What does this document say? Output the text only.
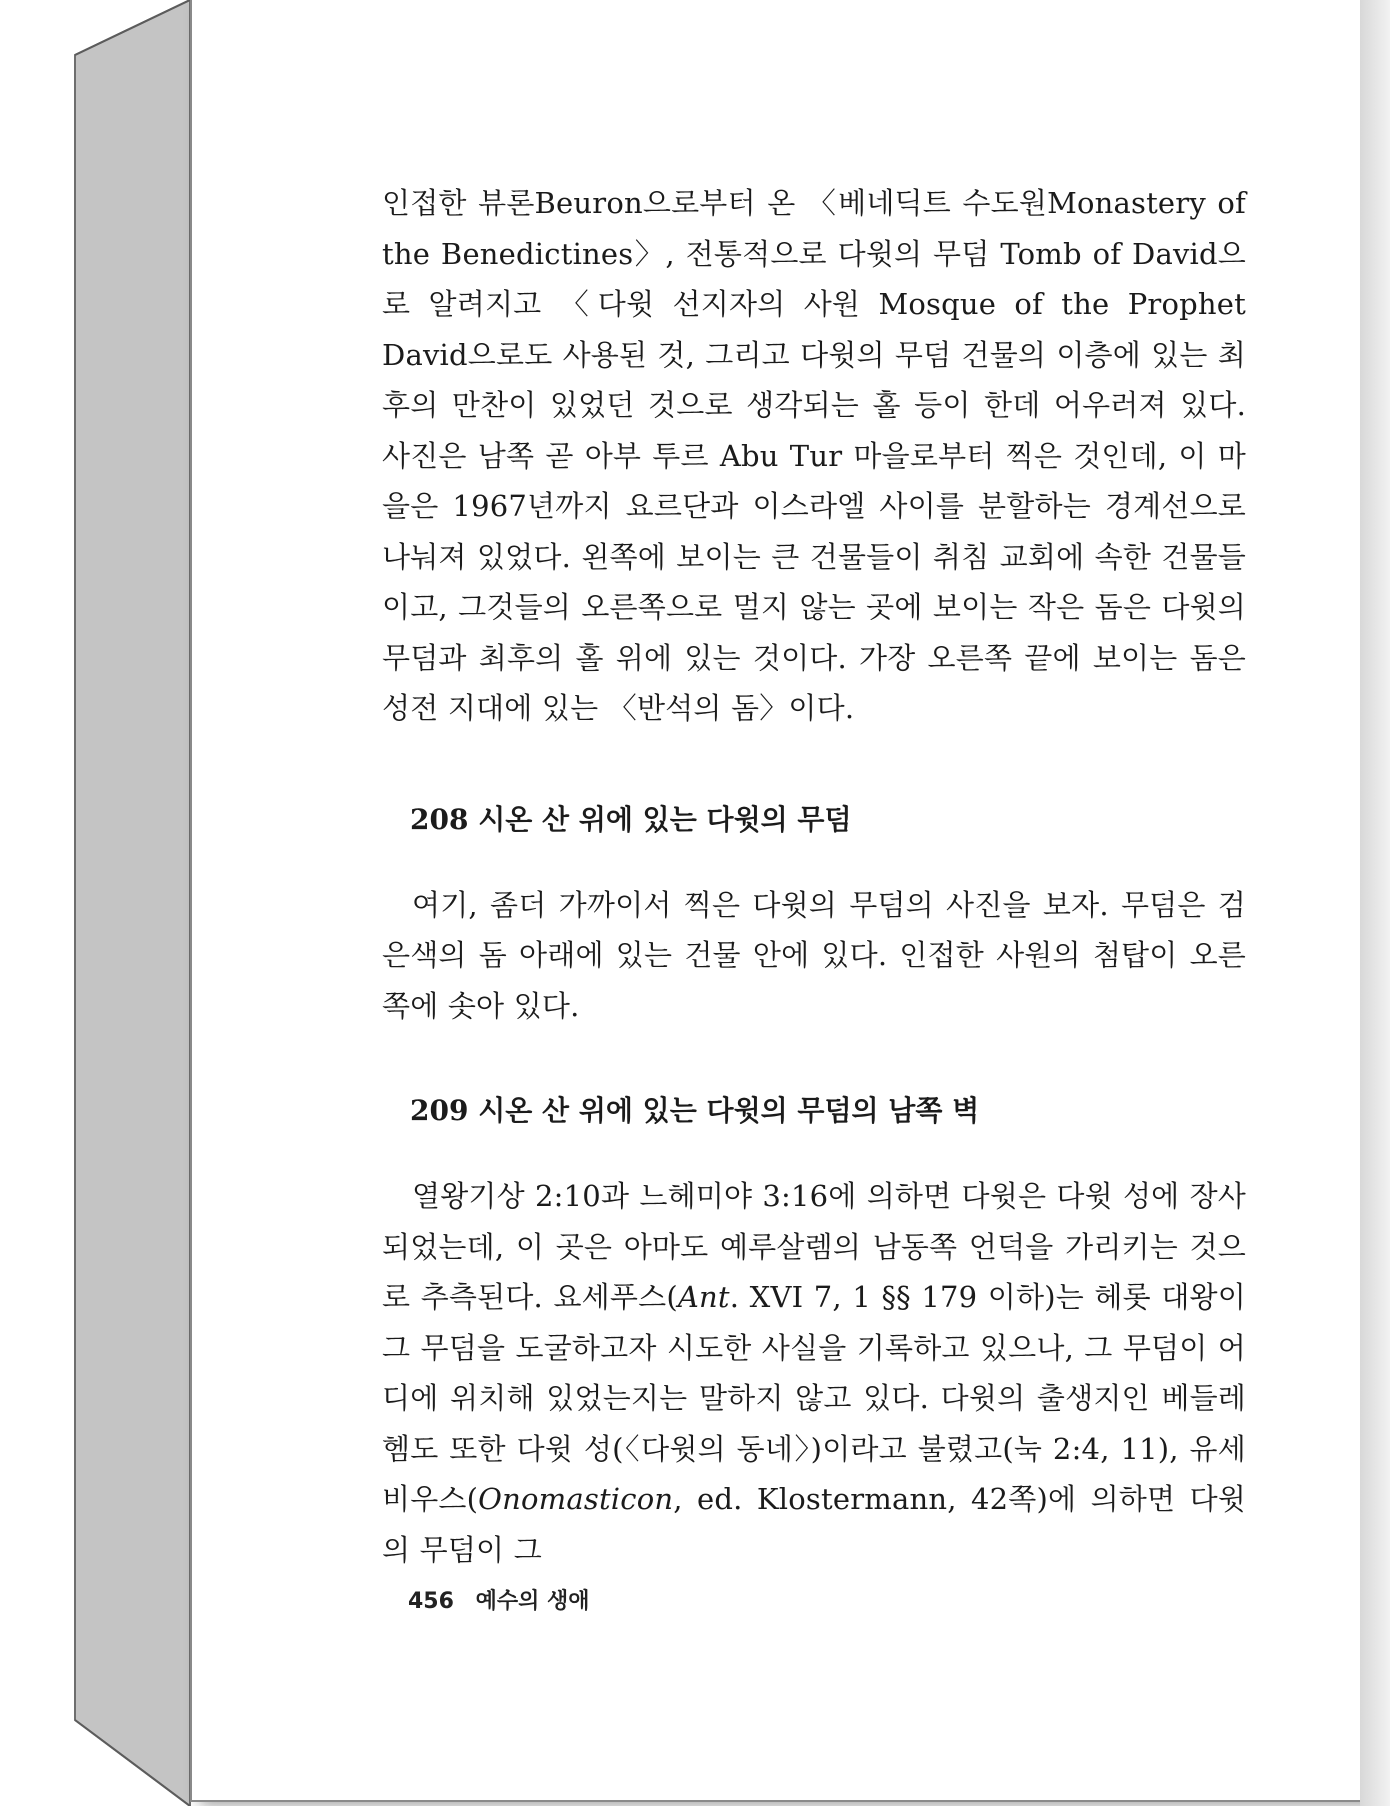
인접한 뷰론Beuron으로부터 온 〈베네딕트 수도원Monastery of the Benedictines〉, 전통적으로 다윗의 무덤 Tomb of David으로 알려지고 〈다윗 선지자의 사원 Mosque of the Prophet David으로도 사용된 것, 그리고 다윗의 무덤 건물의 이층에 있는 최후의 만찬이 있었던 것으로 생각되는 홀 등이 한데 어우러져 있다. 사진은 남쪽 곧 아부 투르 Abu Tur 마을로부터 찍은 것인데, 이 마을은 1967년까지 요르단과 이스라엘 사이를 분할하는 경계선으로 나눠져 있었다. 왼쪽에 보이는 큰 건물들이 취침 교회에 속한 건물들이고, 그것들의 오른쪽으로 멀지 않는 곳에 보이는 작은 돔은 다윗의 무덤과 최후의 홀 위에 있는 것이다. 가장 오른쪽 끝에 보이는 돔은 성전 지대에 있는 〈반석의 돔〉이다.

208 시온 산 위에 있는 다윗의 무덤

여기, 좀더 가까이서 찍은 다윗의 무덤의 사진을 보자. 무덤은 검은색의 돔 아래에 있는 건물 안에 있다. 인접한 사원의 첨탑이 오른쪽에 솟아 있다.

209 시온 산 위에 있는 다윗의 무덤의 남쪽 벽

열왕기상 2:10과 느헤미야 3:16에 의하면 다윗은 다윗 성에 장사되었는데, 이 곳은 아마도 예루살렘의 남동쪽 언덕을 가리키는 것으로 추측된다. 요세푸스(Ant. XVI 7, 1 §§ 179 이하)는 헤롯 대왕이 그 무덤을 도굴하고자 시도한 사실을 기록하고 있으나, 그 무덤이 어디에 위치해 있었는지는 말하지 않고 있다. 다윗의 출생지인 베들레헴도 또한 다윗 성(〈다윗의 동네〉)이라고 불렸고(눅 2:4, 11), 유세비우스(Onomasticon, ed. Klostermann, 42쪽)에 의하면 다윗의 무덤이 그

456 예수의 생애
